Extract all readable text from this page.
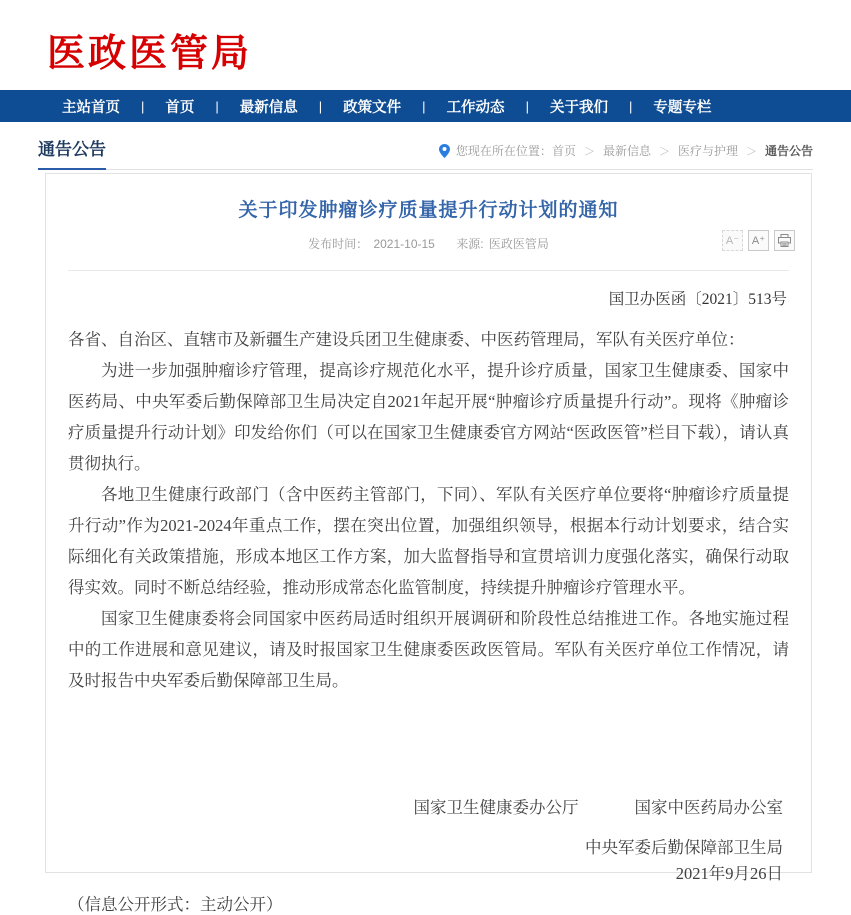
医政医管局
主站首页 | 首页 | 最新信息 | 政策文件 | 工作动态 | 关于我们 | 专题专栏
通告公告	您现在所在位置： 首页 ＞ 最新信息 ＞ 医疗与护理 ＞ 通告公告
关于印发肿瘤诊疗质量提升行动计划的通知
发布时间： 2021-10-15 来源: 医政医管局	A⁻	A⁺
国卫办医函〔2021〕513号

各省、自治区、直辖市及新疆生产建设兵团卫生健康委、中医药管理局，军队有关医疗单位：

为进一步加强肿瘤诊疗管理，提高诊疗规范化水平，提升诊疗质量，国家卫生健康委、国家中医药局、中央军委后勤保障部卫生局决定自2021年起开展“肿瘤诊疗质量提升行动”。现将《肿瘤诊疗质量提升行动计划》印发给你们（可以在国家卫生健康委官方网站“医政医管”栏目下载），请认真贯彻执行。

各地卫生健康行政部门（含中医药主管部门，下同）、军队有关医疗单位要将“肿瘤诊疗质量提升行动”作为2021-2024年重点工作，摆在突出位置，加强组织领导，根据本行动计划要求，结合实际细化有关政策措施，形成本地区工作方案，加大监督指导和宣贯培训力度强化落实，确保行动取得实效。同时不断总结经验，推动形成常态化监管制度，持续提升肿瘤诊疗管理水平。

国家卫生健康委将会同国家中医药局适时组织开展调研和阶段性总结推进工作。各地实施过程中的工作进展和意见建议，请及时报国家卫生健康委医政医管局。军队有关医疗单位工作情况，请及时报告中央军委后勤保障部卫生局。

国家卫生健康委办公厅	国家中医药局办公室
中央军委后勤保障部卫生局
2021年9月26日
（信息公开形式：主动公开）
